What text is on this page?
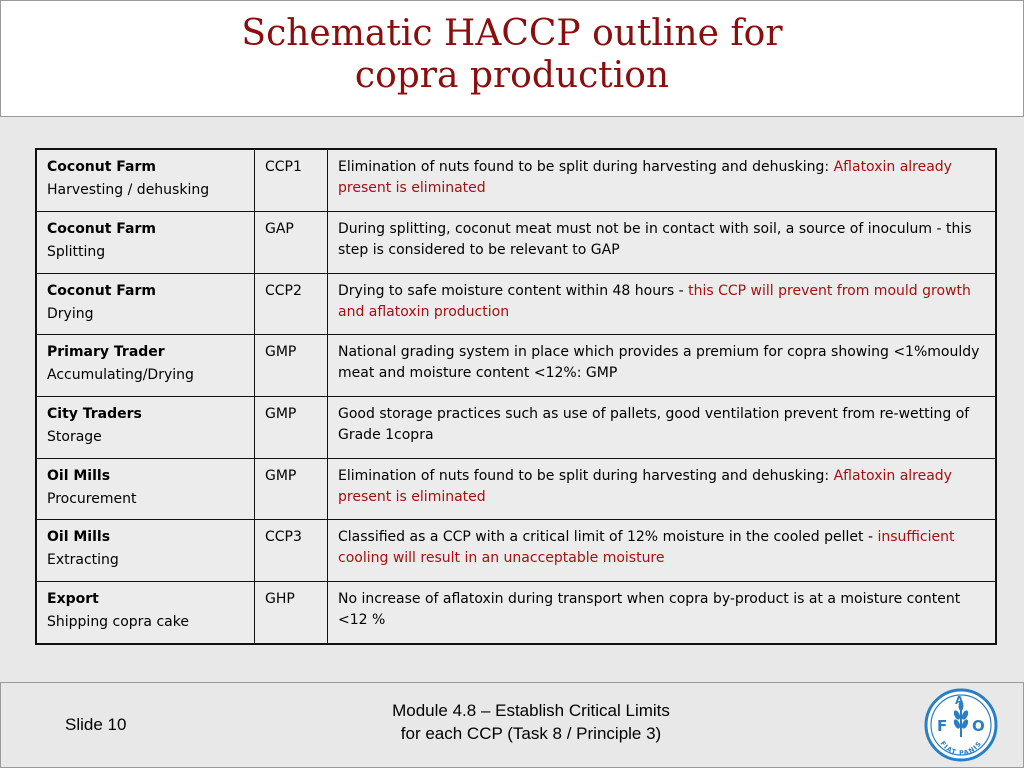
Schematic HACCP outline for
copra production
Coconut Farm
Harvesting / dehusking	CCP1	Elimination of nuts found to be split during harvesting and dehusking: Aflatoxin already present is eliminated

Coconut Farm
Splitting	GAP	During splitting, coconut meat must not be in contact with soil, a source of inoculum - this step is considered to be relevant to GAP

Coconut Farm
Drying	CCP2	Drying to safe moisture content within 48 hours - this CCP will prevent from mould growth and aflatoxin production

Primary Trader
Accumulating/Drying	GMP	National grading system in place which provides a premium for copra showing <1%mouldy meat and moisture content <12%: GMP

City Traders
Storage	GMP	Good storage practices such as use of pallets, good ventilation prevent from re-wetting of Grade 1copra

Oil Mills
Procurement	GMP	Elimination of nuts found to be split during harvesting and dehusking: Aflatoxin already present is eliminated

Oil Mills
Extracting	CCP3	Classified as a CCP with a critical limit of 12% moisture in the cooled pellet - insufficient cooling will result in an unacceptable moisture

Export
Shipping copra cake	GHP	No increase of aflatoxin during transport when copra by-product is at a moisture content <12 %
Slide 10
Module 4.8 – Establish Critical Limits
for each CCP (Task 8 / Principle 3)	F
A
O
FIAT PANIS
